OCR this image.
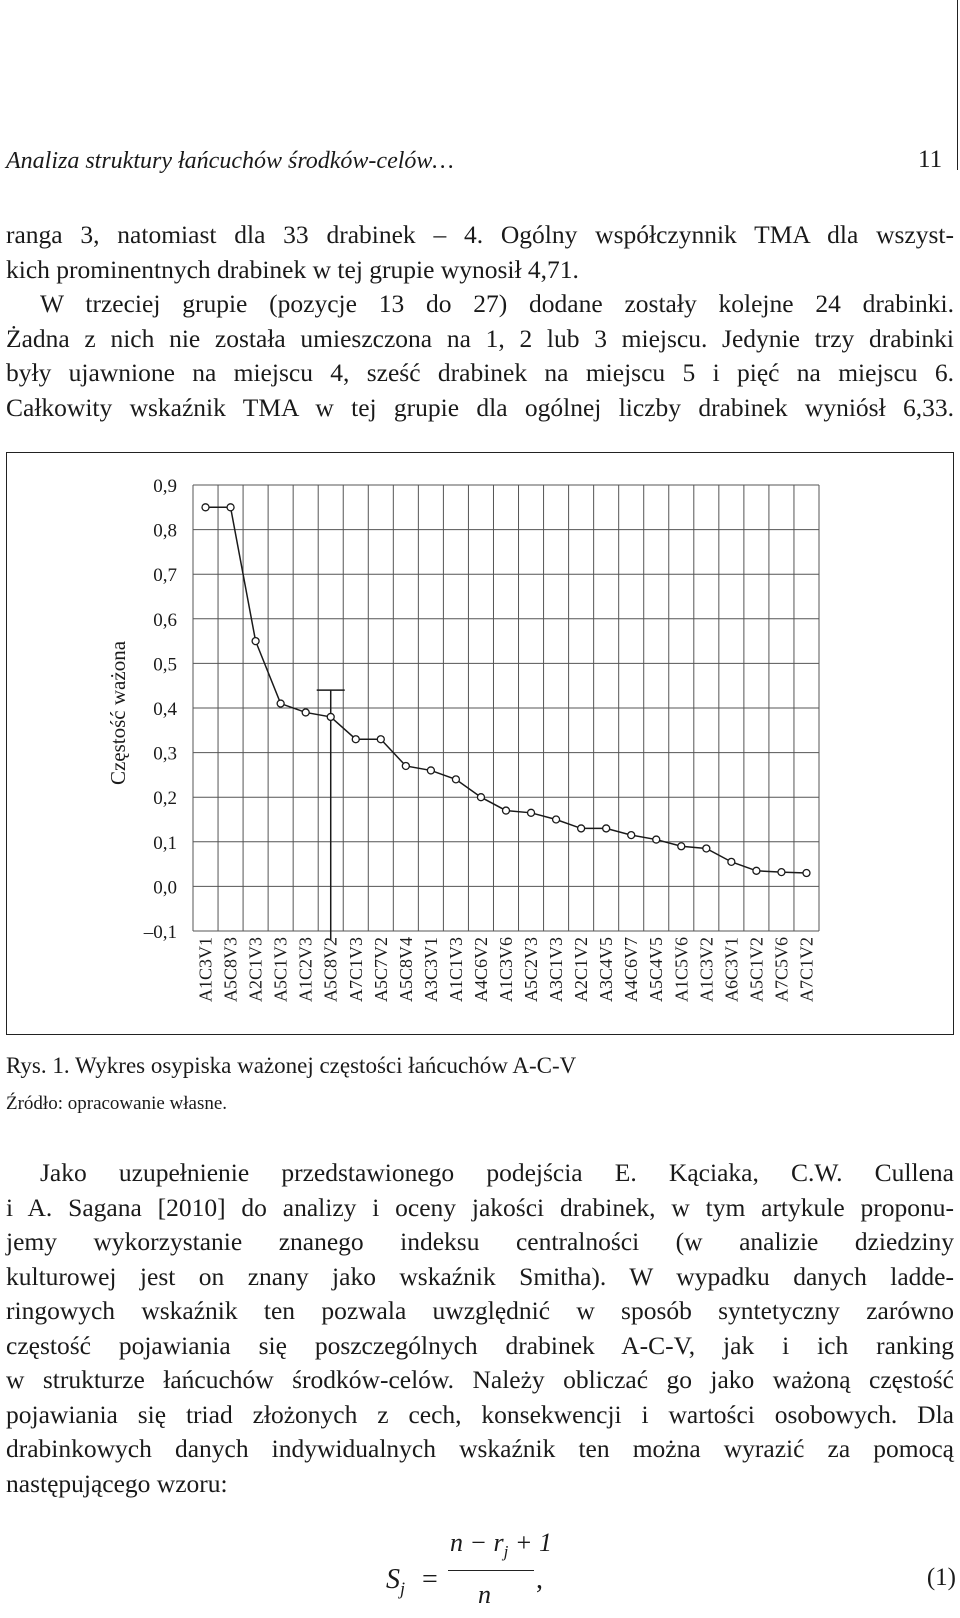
Analiza struktury łańcuchów środków-celów…	11
ranga 3, natomiast dla 33 drabinek – 4. Ogólny współczynnik TMA dla wszyst-
kich prominentnych drabinek w tej grupie wynosił 4,71.
W trzeciej grupie (pozycje 13 do 27) dodane zostały kolejne 24 drabinki.
Żadna z nich nie została umieszczona na 1, 2 lub 3 miejscu. Jedynie trzy drabinki
były ujawnione na miejscu 4, sześć drabinek na miejscu 5 i pięć na miejscu 6.
Całkowity wskaźnik TMA w tej grupie dla ogólnej liczby drabinek wyniósł 6,33.
0,9
0,8
0,7
0,6
0,5
0,4
0,3
0,2
0,1
0,0
–0,1
Częstość ważona
A1C3V1 A5C8V3 A2C1V3 A5C1V3 A1C2V3 A5C8V2 A7C1V3 A5C7V2 A5C8V4 A3C3V1 A1C1V3 A4C6V2 A1C3V6 A5C2V3 A3C1V3 A2C1V2 A3C4V5 A4C6V7 A5C4V5 A1C5V6 A1C3V2 A6C3V1 A5C1V2 A7C5V6 A7C1V2
Rys. 1. Wykres osypiska ważonej częstości łańcuchów A-C-V
Źródło: opracowanie własne.
Jako uzupełnienie przedstawionego podejścia E. Kąciaka, C.W. Cullena
i A. Sagana [2010] do analizy i oceny jakości drabinek, w tym artykule proponu-
jemy wykorzystanie znanego indeksu centralności (w analizie dziedziny
kulturowej jest on znany jako wskaźnik Smitha). W wypadku danych ladde-
ringowych wskaźnik ten pozwala uwzględnić w sposób syntetyczny zarówno
częstość pojawiania się poszczególnych drabinek A-C-V, jak i ich ranking
w strukturze łańcuchów środków-celów. Należy obliczać go jako ważoną częstość
pojawiania się triad złożonych z cech, konsekwencji i wartości osobowych. Dla
drabinkowych danych indywidualnych wskaźnik ten można wyrazić za pomocą
następującego wzoru:
$S_j$ =
$n - r_j + 1$
n ,	(1)
